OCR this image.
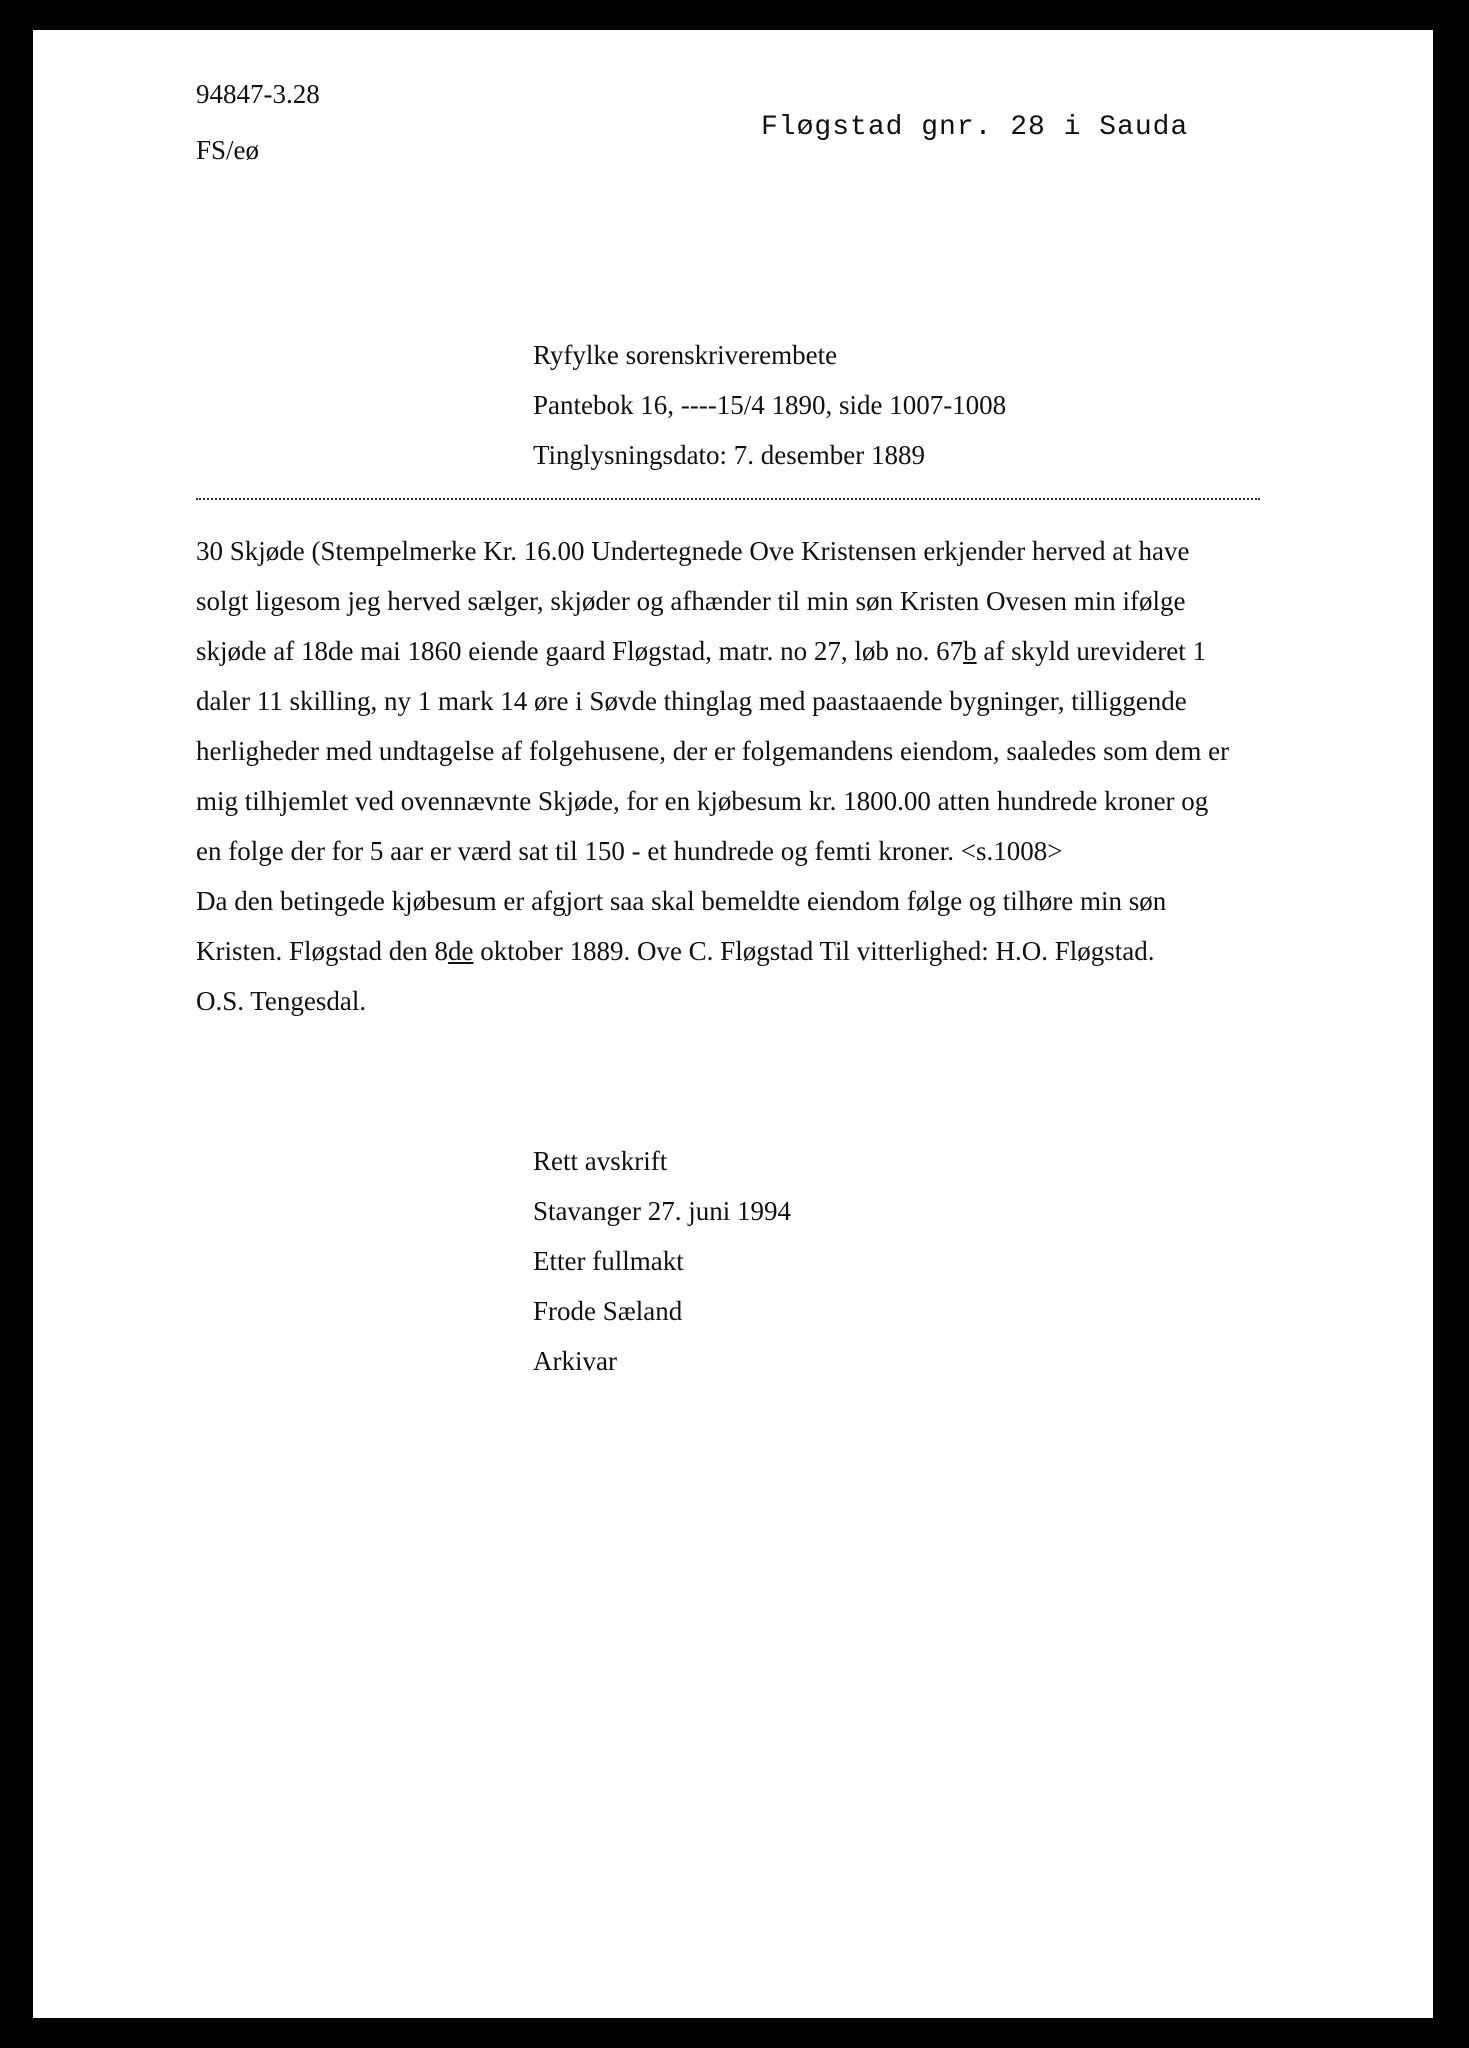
94847-3.28
FS/eø
Fløgstad gnr. 28 i Sauda
Ryfylke sorenskriverembete
Pantebok 16, ----15/4 1890, side 1007-1008
Tinglysningsdato: 7. desember 1889
30 Skjøde (Stempelmerke Kr. 16.00 Undertegnede Ove Kristensen erkjender herved at have
solgt ligesom jeg herved sælger, skjøder og afhænder til min søn Kristen Ovesen min ifølge
skjøde af 18de mai 1860 eiende gaard Fløgstad, matr. no 27, løb no. 67b af skyld urevideret 1
daler 11 skilling, ny 1 mark 14 øre i Søvde thinglag med paastaaende bygninger, tilliggende
herligheder med undtagelse af folgehusene, der er folgemandens eiendom, saaledes som dem er
mig tilhjemlet ved ovennævnte Skjøde, for en kjøbesum kr. 1800.00 atten hundrede kroner og
en folge der for 5 aar er værd sat til 150 - et hundrede og femti kroner. <s.1008>
Da den betingede kjøbesum er afgjort saa skal bemeldte eiendom følge og tilhøre min søn
Kristen. Fløgstad den 8de oktober 1889. Ove C. Fløgstad Til vitterlighed: H.O. Fløgstad.
O.S. Tengesdal.
Rett avskrift
Stavanger 27. juni 1994
Etter fullmakt
Frode Sæland
Arkivar
